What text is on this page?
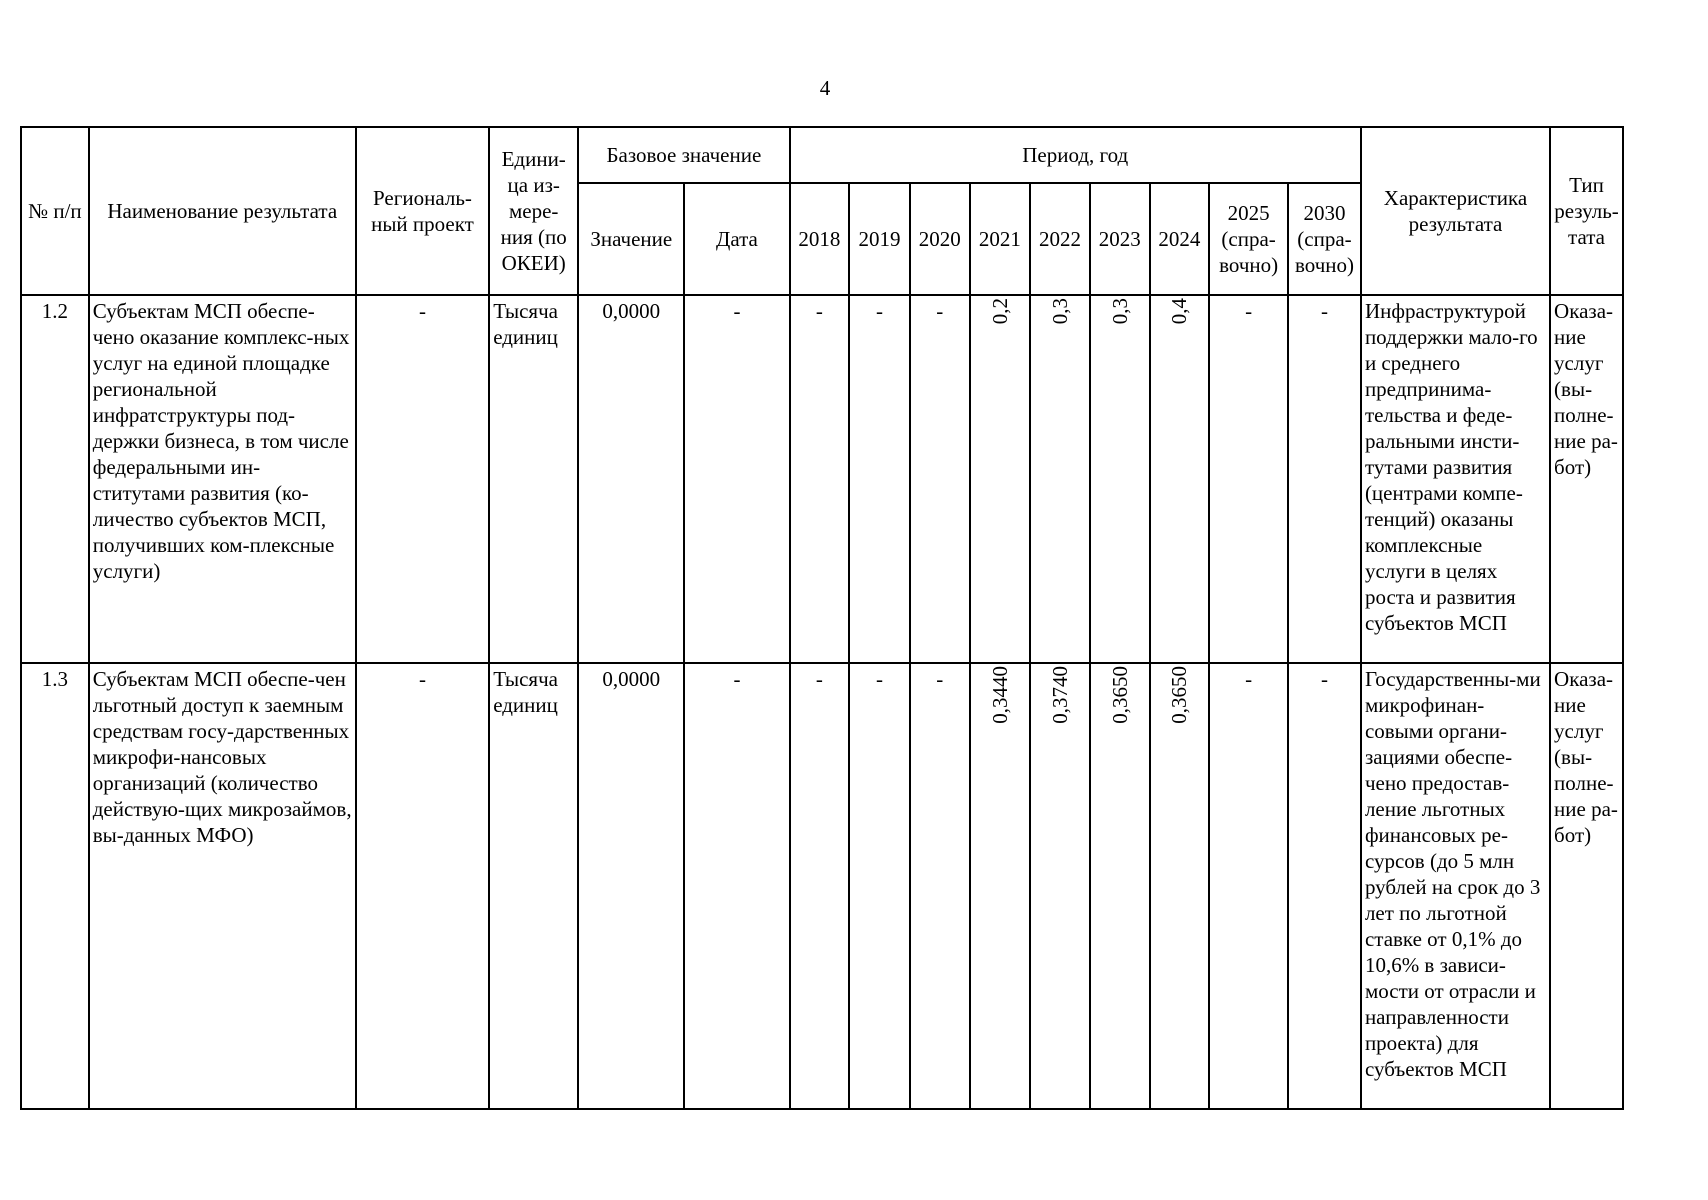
4
№ п/п	Наименование результата	Региональ-ный проект	Едини-ца из-мере-ния (по ОКЕИ)	Базовое значение		Период, год									Характеристика результата	Тип резуль-тата
				Значение	Дата	2018	2019	2020	2021	2022	2023	2024	2025 (спра-вочно)	2030 (спра-вочно)		
1.2	Субъектам МСП обеспе-чено оказание комплекс-ных услуг на единой площадке региональной инфратструктуры под-держки бизнеса, в том числе федеральными ин-ститутами развития (ко-личество субъектов МСП, получивших ком-плексные услуги)	-	Тысяча единиц	0,0000	-	-	-	-	0,2	0,3	0,3	0,4	-	-	Инфраструктурой поддержки мало-го и среднего предпринима-тельства и феде-ральными инсти-тутами развития (центрами компе-тенций) оказаны комплексные услуги в целях роста и развития субъектов МСП	Оказа-ние услуг (вы-полне-ние ра-бот)
1.3	Субъектам МСП обеспе-чен льготный доступ к заемным средствам госу-дарственных микрофи-нансовых организаций (количество действую-щих микрозаймов, вы-данных МФО)	-	Тысяча единиц	0,0000	-	-	-	-	0,3440	0,3740	0,3650	0,3650	-	-	Государственны-ми микрофинан-совыми органи-зациями обеспе-чено предостав-ление льготных финансовых ре-сурсов (до 5 млн рублей на срок до 3 лет по льготной ставке от 0,1% до 10,6% в зависи-мости от отрасли и направленности проекта) для субъектов МСП	Оказа-ние услуг (вы-полне-ние ра-бот)
